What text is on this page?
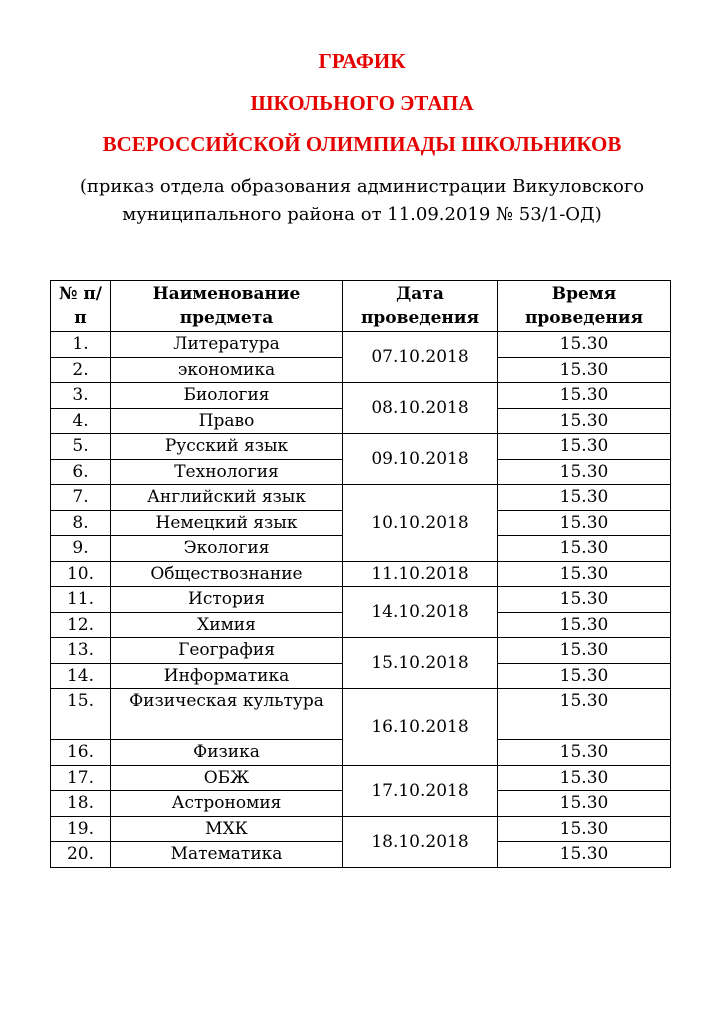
ГРАФИК
ШКОЛЬНОГО ЭТАПА
ВСЕРОССИЙСКОЙ ОЛИМПИАДЫ ШКОЛЬНИКОВ
(приказ отдела образования администрации Викуловского
муниципального района от 11.09.2019 № 53/1-ОД)
№ п/п	Наименование предмета	Дата проведения	Время проведения
1.	Литература	07.10.2018	15.30
2.	экономика		15.30
3.	Биология	08.10.2018	15.30
4.	Право		15.30
5.	Русский язык	09.10.2018	15.30
6.	Технология		15.30
7.	Английский язык	10.10.2018	15.30
8.	Немецкий язык		15.30
9.	Экология		15.30
10.	Обществознание	11.10.2018	15.30
11.	История	14.10.2018	15.30
12.	Химия		15.30
13.	География	15.10.2018	15.30
14.	Информатика		15.30
15.	Физическая культура	16.10.2018	15.30
16.	Физика		15.30
17.	ОБЖ	17.10.2018	15.30
18.	Астрономия		15.30
19.	МХК	18.10.2018	15.30
20.	Математика		15.30
